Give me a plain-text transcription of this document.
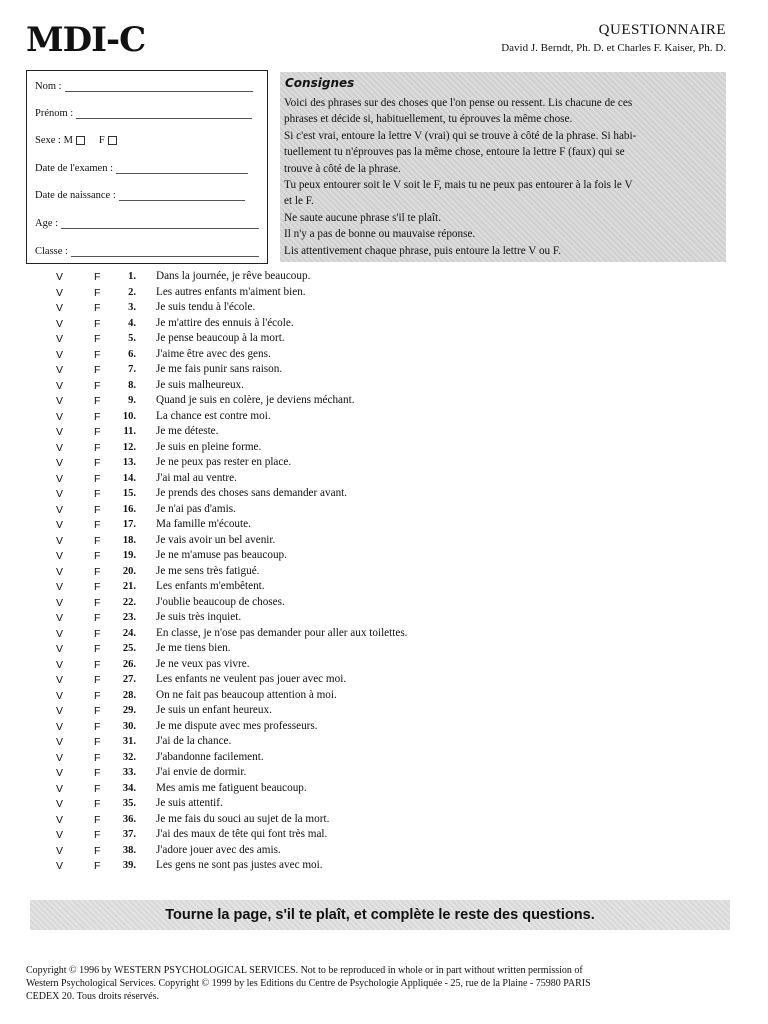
MDI-C	QUESTIONNAIRE
David J. Berndt, Ph. D. et Charles F. Kaiser, Ph. D.
Nom :
Prénom :
Sexe : M F
Date de l'examen :
Date de naissance :
Age :
Classe :
Consignes
Voici des phrases sur des choses que l'on pense ou ressent. Lis chacune de ces
phrases et décide si, habituellement, tu éprouves la même chose.
Si c'est vrai, entoure la lettre V (vrai) qui se trouve à côté de la phrase. Si habi-
tuellement tu n'éprouves pas la même chose, entoure la lettre F (faux) qui se
trouve à côté de la phrase.
Tu peux entourer soit le V soit le F, mais tu ne peux pas entourer à la fois le V
et le F.
Ne saute aucune phrase s'il te plaît.
Il n'y a pas de bonne ou mauvaise réponse.
Lis attentivement chaque phrase, puis entoure la lettre V ou F.
V	F	1. Dans la journée, je rêve beaucoup.
V	F	2. Les autres enfants m'aiment bien.
V	F	3. Je suis tendu à l'école.
V	F	4. Je m'attire des ennuis à l'école.
V	F	5. Je pense beaucoup à la mort.
V	F	6. J'aime être avec des gens.
V	F	7. Je me fais punir sans raison.
V	F	8. Je suis malheureux.
V	F	9. Quand je suis en colère, je deviens méchant.
V	F	10. La chance est contre moi.
V	F	11. Je me déteste.
V	F	12. Je suis en pleine forme.
V	F	13. Je ne peux pas rester en place.
V	F	14. J'ai mal au ventre.
V	F	15. Je prends des choses sans demander avant.
V	F	16. Je n'ai pas d'amis.
V	F	17. Ma famille m'écoute.
V	F	18. Je vais avoir un bel avenir.
V	F	19. Je ne m'amuse pas beaucoup.
V	F	20. Je me sens très fatigué.
V	F	21. Les enfants m'embêtent.
V	F	22. J'oublie beaucoup de choses.
V	F	23. Je suis très inquiet.
V	F	24. En classe, je n'ose pas demander pour aller aux toilettes.
V	F	25. Je me tiens bien.
V	F	26. Je ne veux pas vivre.
V	F	27. Les enfants ne veulent pas jouer avec moi.
V	F	28. On ne fait pas beaucoup attention à moi.
V	F	29. Je suis un enfant heureux.
V	F	30. Je me dispute avec mes professeurs.
V	F	31. J'ai de la chance.
V	F	32. J'abandonne facilement.
V	F	33. J'ai envie de dormir.
V	F	34. Mes amis me fatiguent beaucoup.
V	F	35. Je suis attentif.
V	F	36. Je me fais du souci au sujet de la mort.
V	F	37. J'ai des maux de tête qui font très mal.
V	F	38. J'adore jouer avec des amis.
V	F	39. Les gens ne sont pas justes avec moi.
Tourne la page, s'il te plaît, et complète le reste des questions.
Copyright © 1996 by WESTERN PSYCHOLOGICAL SERVICES. Not to be reproduced in whole or in part without written permission of
Western Psychological Services. Copyright © 1999 by les Editions du Centre de Psychologie Appliquée - 25, rue de la Plaine - 75980 PARIS
CEDEX 20. Tous droits réservés.
